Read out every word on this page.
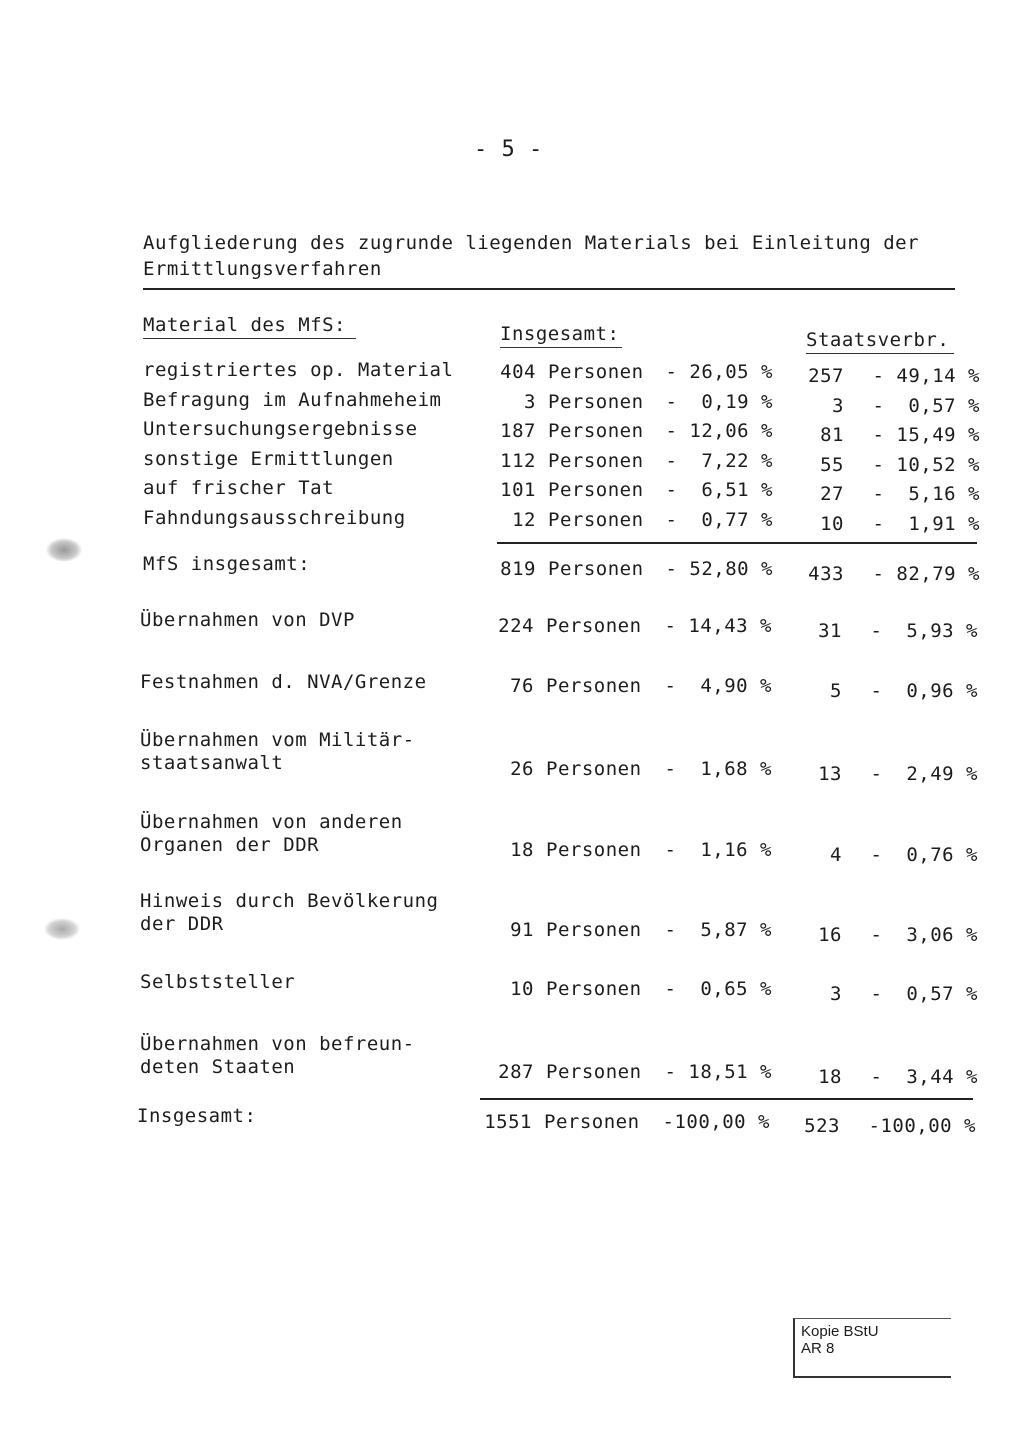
- 5 -
Aufgliederung des zugrunde liegenden Materials bei Einleitung der
Ermittlungsverfahren
Material des MfS:	Insgesamt:	Staatsverbr.
registriertes op. Material	404 Personen	- 26,05 %	257	- 49,14 %
Befragung im Aufnahmeheim	3 Personen	-  0,19 %	3	-  0,57 %
Untersuchungsergebnisse	187 Personen	- 12,06 %	81	- 15,49 %
sonstige Ermittlungen	112 Personen	-  7,22 %	55	- 10,52 %
auf frischer Tat	101 Personen	-  6,51 %	27	-  5,16 %
Fahndungsausschreibung	12 Personen	-  0,77 %	10	-  1,91 %
MfS insgesamt:	819 Personen	- 52,80 %	433	- 82,79 %
Übernahmen von DVP	224 Personen	- 14,43 %	31	-  5,93 %
Festnahmen d. NVA/Grenze	76 Personen	-  4,90 %	5	-  0,96 %
Übernahmen vom Militär-
staatsanwalt	26 Personen	-  1,68 %	13	-  2,49 %
Übernahmen von anderen
Organen der DDR	18 Personen	-  1,16 %	4	-  0,76 %
Hinweis durch Bevölkerung
der DDR	91 Personen	-  5,87 %	16	-  3,06 %
Selbststeller	10 Personen	-  0,65 %	3	-  0,57 %
Übernahmen von befreun-
deten Staaten	287 Personen	- 18,51 %	18	-  3,44 %
Insgesamt:	1551 Personen	-100,00 %	523	-100,00 %
Kopie BStU
AR 8
